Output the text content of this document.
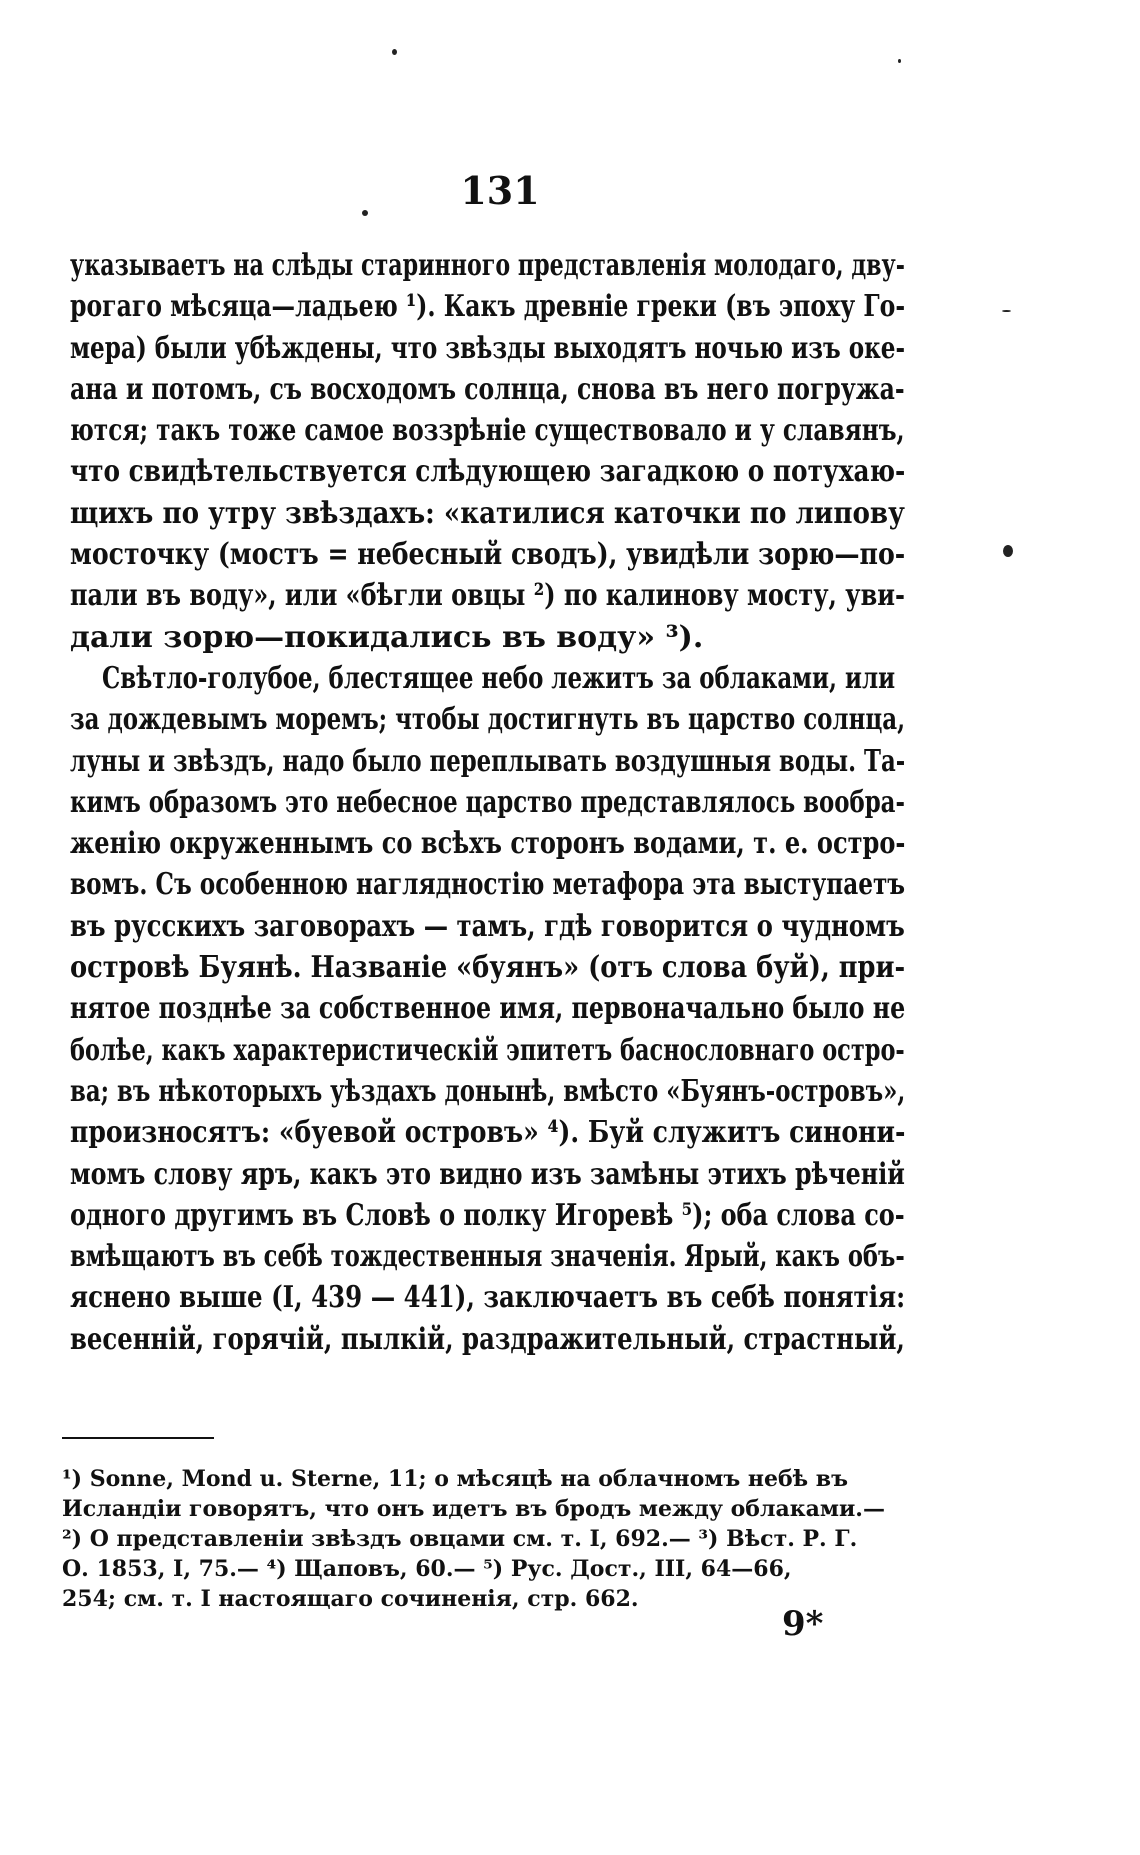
131
указываетъ на слѣды старинного представленія молодаго, дву-
рогаго мѣсяца—ладьею ¹). Какъ древніе греки (въ эпоху Го-
мера) были убѣждены, что звѣзды выходятъ ночью изъ оке-
ана и потомъ, съ восходомъ солнца, снова въ него погружа-
ются; такъ тоже самое воззрѣніе существовало и у славянъ,
что свидѣтельствуется слѣдующею загадкою о потухаю-
щихъ по утру звѣздахъ: «катилися каточки по липову
мосточку (мостъ = небесный сводъ), увидѣли зорю—по-
пали въ воду», или «бѣгли овцы ²) по калинову мосту, уви-
дали зорю—покидались въ воду» ³).
Свѣтло-голубое, блестящее небо лежитъ за облаками, или
за дождевымъ моремъ; чтобы достигнуть въ царство солнца,
луны и звѣздъ, надо было переплывать воздушныя воды. Та-
кимъ образомъ это небесное царство представлялось вообра-
женію окруженнымъ со всѣхъ сторонъ водами, т. е. остро-
вомъ. Съ особенною наглядностію метафора эта выступаетъ
въ русскихъ заговорахъ — тамъ, гдѣ говорится о чудномъ
островѣ Буянѣ. Названіе «буянъ» (отъ слова буй), при-
нятое позднѣе за собственное имя, первоначально было не
болѣе, какъ характеристическій эпитетъ баснословнаго остро-
ва; въ нѣкоторыхъ уѣздахъ донынѣ, вмѣсто «Буянъ-островъ»,
произносятъ: «буевой островъ» ⁴). Буй служитъ синони-
момъ слову яръ, какъ это видно изъ замѣны этихъ рѣченій
одного другимъ въ Словѣ о полку Игоревѣ ⁵); оба слова со-
вмѣщаютъ въ себѣ тождественныя значенія. Ярый, какъ объ-
яснено выше (I, 439 — 441), заключаетъ въ себѣ понятія:
весенній, горячій, пылкій, раздражительный, страстный,
¹) Sonne, Mond u. Sterne, 11; о мѣсяцѣ на облачномъ небѣ въ
Исландіи говорятъ, что онъ идетъ въ бродъ между облаками.—
²) О представленіи звѣздъ овцами см. т. I, 692.— ³) Вѣст. Р. Г.
О. 1853, I, 75.— ⁴) Щаповъ, 60.— ⁵) Рус. Дост., III, 64—66,
254; см. т. I настоящаго сочиненія, стр. 662.
9*
